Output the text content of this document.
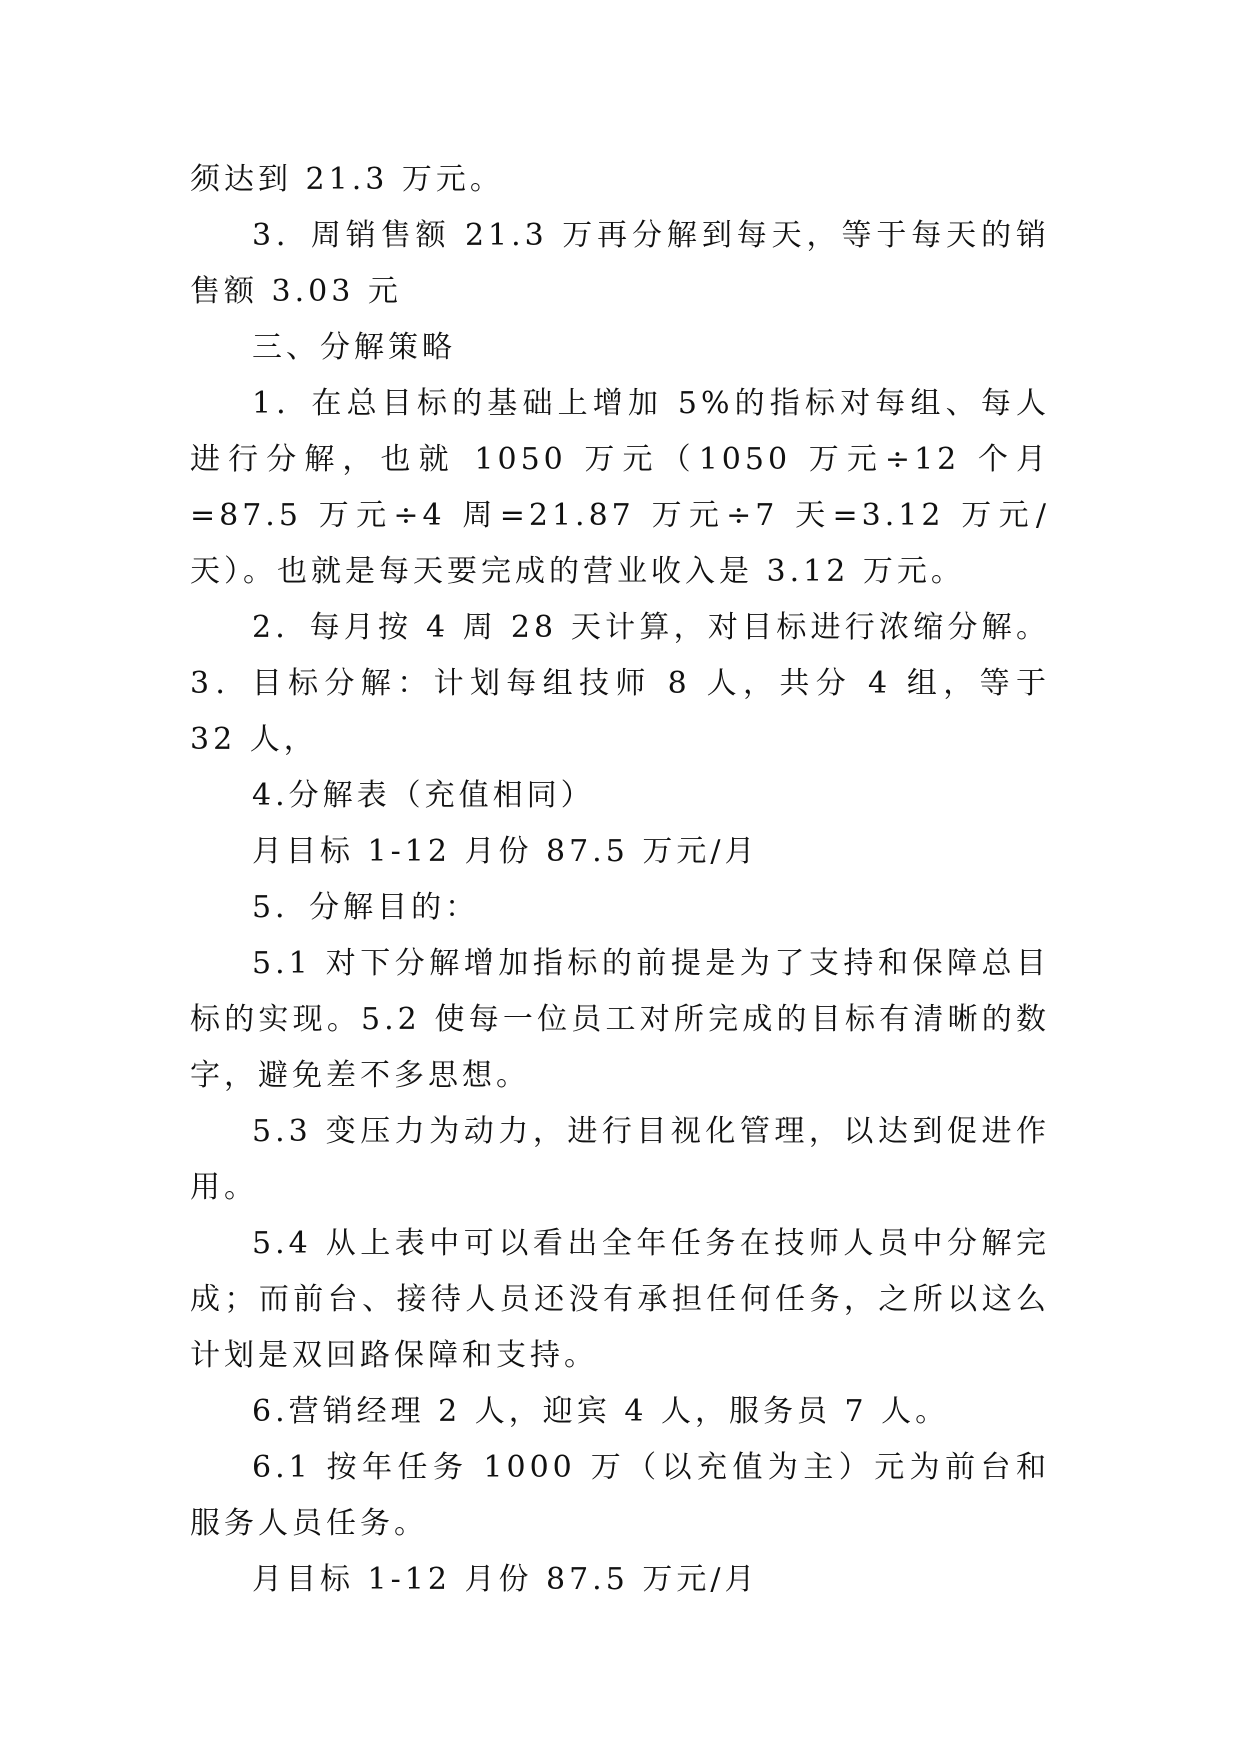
须达到 21.3 万元。

3．周销售额 21.3 万再分解到每天，等于每天的销售额 3.03 元

三、分解策略

1．在总目标的基础上增加 5%的指标对每组、每人进行分解，也就 1050 万元（1050 万元÷12 个月=87.5 万元÷4 周=21.87 万元÷7 天=3.12 万元/天）。也就是每天要完成的营业收入是 3.12 万元。

2．每月按 4 周 28 天计算，对目标进行浓缩分解。3．目标分解：计划每组技师 8 人，共分 4 组，等于 32 人，

4.分解表（充值相同）

月目标 1-12 月份 87.5 万元/月

5．分解目的：

5.1 对下分解增加指标的前提是为了支持和保障总目标的实现。5.2 使每一位员工对所完成的目标有清晰的数字，避免差不多思想。

5.3 变压力为动力，进行目视化管理，以达到促进作用。

5.4 从上表中可以看出全年任务在技师人员中分解完成；而前台、接待人员还没有承担任何任务，之所以这么计划是双回路保障和支持。

6.营销经理 2 人，迎宾 4 人，服务员 7 人。

6.1 按年任务 1000 万（以充值为主）元为前台和服务人员任务。

月目标 1-12 月份 87.5 万元/月
